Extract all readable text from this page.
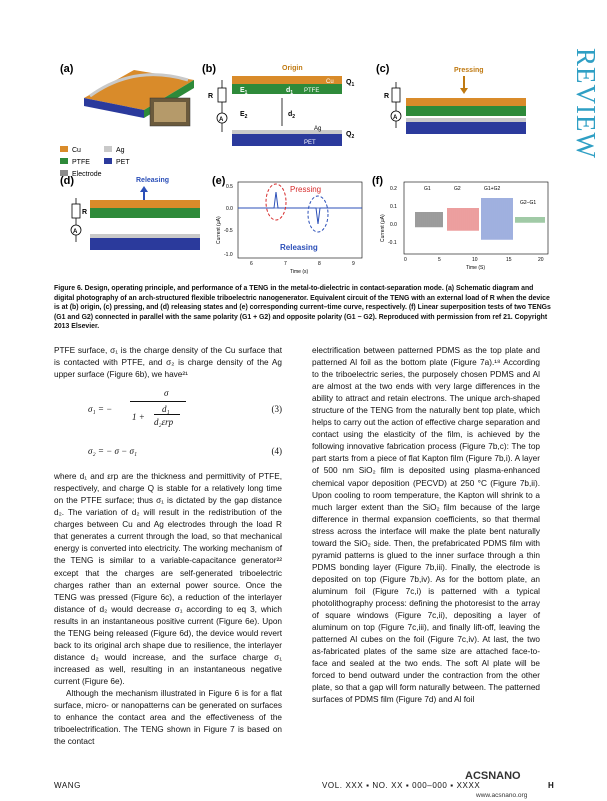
REVIEW
(a)
Cu	Ag
PTFE	PET
Electrode
(b)	Origin
Cu $Q_1$
PTFE
$E_1$	$d_1$
$E_2$	$d_2$
Ag
$Q_2$
PET
R
A
(c)	Pressing
R
A
(d)	Releasing
R
A
(e)
Pressing
Releasing
0.5
0.0
-0.5
-1.0
6	7	8	9
Time (s)
Current (μA)
(f)
G1	G2	G1+G2
G2–G1
0.2
0.1
0.0
-0.1
0	5	10	15	20
Time (S)
Current (μA)
Figure 6. Design, operating principle, and performance of a TENG in the metal-to-dielectric in contact-separation mode. (a) Schematic diagram and digital photography of an arch-structured flexible triboelectric nanogenerator. Equivalent circuit of the TENG with an external load of R when the device is at (b) origin, (c) pressing, and (d) releasing states and (e) corresponding current–time curve, respectively. (f) Linear superposition tests of two TENGs (G1 and G2) connected in parallel with the same polarity (G1 + G2) and opposite polarity (G1 − G2). Reproduced with permission from ref 21. Copyright 2013 Elsevier.

PTFE surface, σ₁ is the charge density of the Cu surface that is contacted with PTFE, and σ₂ is charge density of the Ag upper surface (Figure 6b), we have²¹

σ₁ = −
σ
1 +
d₁
d₂εrp
(3)
σ₂ = − σ − σ₁	(4)

where d₁ and εrp are the thickness and permittivity of PTFE, respectively, and charge Q is stable for a relatively long time on the PTFE surface; thus σ₁ is dictated by the gap distance d₂. The variation of d₂ will result in the redistribution of the charges between Cu and Ag electrodes through the load R that generates a current through the load, so that mechanical energy is converted into electricity. The working mechanism of the TENG is similar to a variable-capacitance generator²² except that the charges are self-generated triboelectric charges rather than an external power source. Once the TENG was pressed (Figure 6c), a reduction of the interlayer distance of d₂ would decrease σ₁ according to eq 3, which results in an instantaneous positive current (Figure 6e). Upon the TENG being released (Figure 6d), the device would revert back to its original arch shape due to resilience, the interlayer distance d₂ would increase, and the surface charge σ₁ increased as well, resulting in an instantaneous negative current (Figure 6e).

Although the mechanism illustrated in Figure 6 is for a flat surface, micro- or nanopatterns can be generated on surfaces to enhance the contact area and the effectiveness of the triboelectrification. The TENG shown in Figure 7 is based on the contact

electrification between patterned PDMS as the top plate and patterned Al foil as the bottom plate (Figure 7a).¹⁸ According to the triboelectric series, the purposely chosen PDMS and Al are almost at the two ends with very large differences in the ability to attract and retain electrons. The unique arch-shaped structure of the TENG from the naturally bent top plate, which helps to carry out the action of effective charge separation and contact using the elasticity of the film, is achieved by the following innovative fabrication process (Figure 7b,c): The top part starts from a piece of flat Kapton film (Figure 7b,i). A layer of 500 nm SiO₂ film is deposited using plasma-enhanced chemical vapor deposition (PECVD) at 250 °C (Figure 7b,ii). Upon cooling to room temperature, the Kapton will shrink to a much larger extent than the SiO₂ film because of the large difference in thermal expansion coefficients, so that thermal stress across the interface will make the plate bent naturally toward the SiO₂ side. Then, the prefabricated PDMS film with pyramid patterns is glued to the inner surface through a thin PDMS bonding layer (Figure 7b,iii). Finally, the electrode is deposited on top (Figure 7b,iv). As for the bottom plate, an aluminum foil (Figure 7c,i) is patterned with a typical photolithography process: defining the photoresist to the array of square windows (Figure 7c,ii), depositing a layer of aluminum on top (Figure 7c,iii), and finally lift-off, leaving the patterned Al cubes on the foil (Figure 7c,iv). At last, the two as-fabricated plates of the same size are attached face-to-face and sealed at the two ends. The soft Al plate will be forced to bend outward under the contraction from the other plate, so that a gap will form naturally between. The patterned surfaces of PDMS film (Figure 7d) and Al foil

WANG	VOL. XXX ▪ NO. XX ▪ 000–000 ▪ XXXX	H
ACSNANO
www.acsnano.org
